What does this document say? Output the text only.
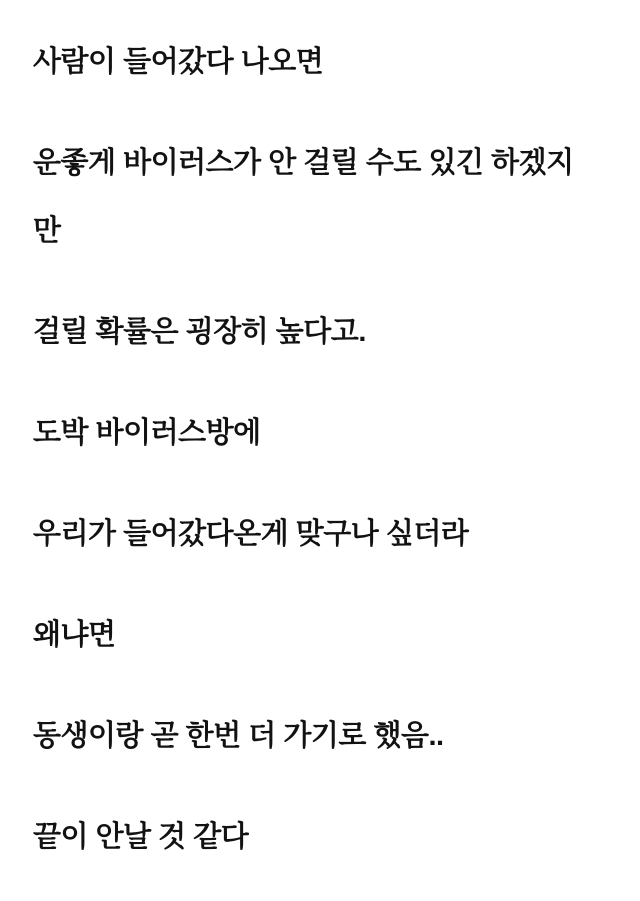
사람이 들어갔다 나오면

운좋게 바이러스가 안 걸릴 수도 있긴 하겠지
만

걸릴 확률은 굉장히 높다고.

도박 바이러스방에

우리가 들어갔다온게 맞구나 싶더라

왜냐면

동생이랑 곧 한번 더 가기로 했음..

끝이 안날 것 같다
